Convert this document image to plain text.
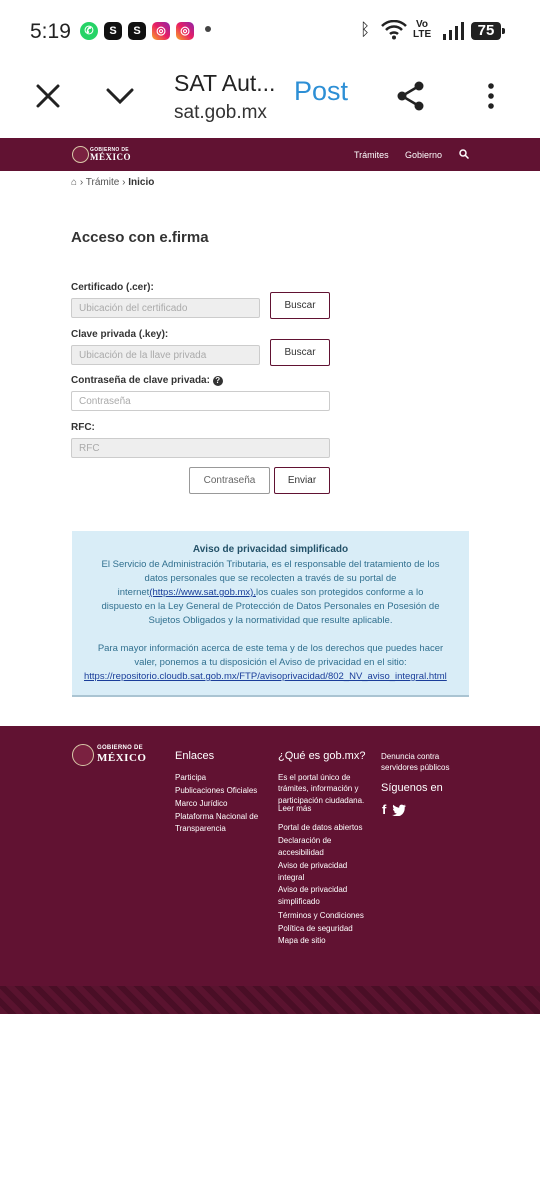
5:19	✆	S	S	◎	◎	ᛒ	Vo LTE	75
SAT Aut...
sat.gob.mx
Post
GOBIERNO DE
MÉXICO	Trámites Gobierno
⌂ › Trámite › Inicio
Acceso con e.firma
Certificado (.cer):
Ubicación del certificado	Buscar
Clave privada (.key):
Ubicación de la llave privada	Buscar
Contraseña de clave privada: ?
Contraseña
RFC:
RFC
Contraseña	Enviar
Aviso de privacidad simplificado
El Servicio de Administración Tributaria, es el responsable del tratamiento de los
datos personales que se recolecten a través de su portal de
internet(https://www.sat.gob.mx),los cuales son protegidos conforme a lo
dispuesto en la Ley General de Protección de Datos Personales en Posesión de
Sujetos Obligados y la normatividad que resulte aplicable.
Para mayor información acerca de este tema y de los derechos que puedes hacer
valer, ponemos a tu disposición el Aviso de privacidad en el sitio:
https://repositorio.cloudb.sat.gob.mx/FTP/avisoprivacidad/802_NV_aviso_integral.html
GOBIERNO DE
MÉXICO	Enlaces
Participa
Publicaciones Oficiales
Marco Jurídico
Plataforma Nacional de
Transparencia
¿Qué es gob.mx?
Es el portal único de
trámites, información y
participación ciudadana.
Leer más
Portal de datos abiertos
Declaración de
accesibilidad
Aviso de privacidad
integral
Aviso de privacidad
simplificado
Términos y Condiciones
Política de seguridad
Mapa de sitio
Denuncia contra
servidores públicos
Síguenos en
f
